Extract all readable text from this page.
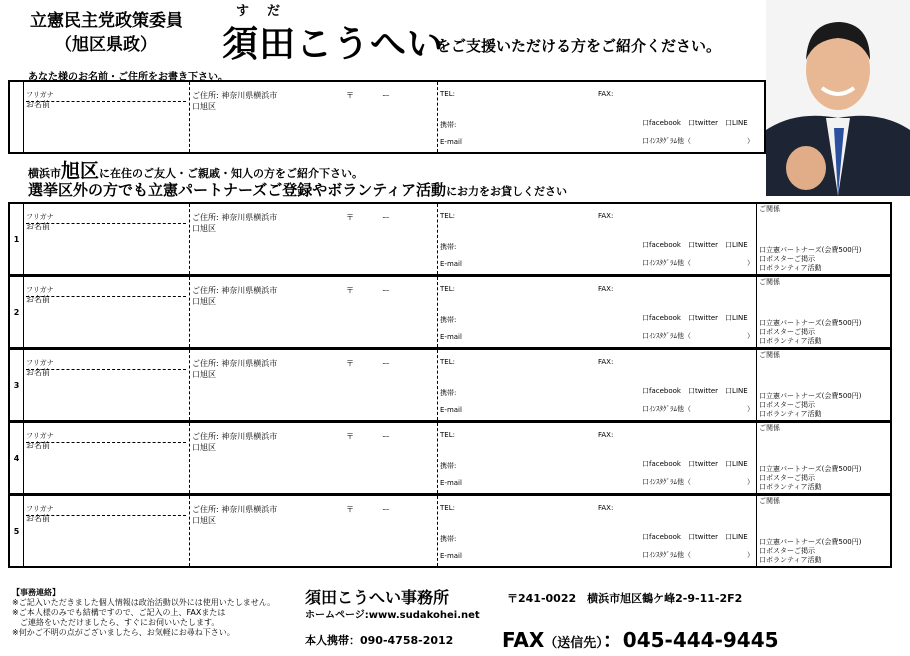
立憲民主党政策委員
（旭区県政）
すだ
須田こうへい
をご支援いただける方をご紹介ください。
あなた様のお名前・ご住所をお書き下さい。
フリガナ
お名前
ご住所: 神奈川県横浜市	〒	ー
口旭区
TEL:	FAX:
携帯:
E-mail
口facebook　口twitter　口LINE
口ｲﾝｽﾀｸﾞﾗﾑ他（　　　　　　　　）
横浜市旭区に在住のご友人・ご親戚・知人の方をご紹介下さい。
選挙区外の方でも立憲パートナーズご登録やボランティア活動にお力をお貸しください
1
フリガナ
お名前
ご住所: 神奈川県横浜市	〒	ー
口旭区
TEL:	FAX:
携帯:
E-mail
口facebook　口twitter　口LINE
口ｲﾝｽﾀｸﾞﾗﾑ他（　　　　　　　　）
ご関係
口立憲パートナーズ(会費500円)
口ポスターご掲示
口ボランティア活動
2
フリガナ
お名前
ご住所: 神奈川県横浜市	〒	ー
口旭区
TEL:	FAX:
携帯:
E-mail
口facebook　口twitter　口LINE
口ｲﾝｽﾀｸﾞﾗﾑ他（　　　　　　　　）
ご関係
口立憲パートナーズ(会費500円)
口ポスターご掲示
口ボランティア活動
3
フリガナ
お名前
ご住所: 神奈川県横浜市	〒	ー
口旭区
TEL:	FAX:
携帯:
E-mail
口facebook　口twitter　口LINE
口ｲﾝｽﾀｸﾞﾗﾑ他（　　　　　　　　）
ご関係
口立憲パートナーズ(会費500円)
口ポスターご掲示
口ボランティア活動
4
フリガナ
お名前
ご住所: 神奈川県横浜市	〒	ー
口旭区
TEL:	FAX:
携帯:
E-mail
口facebook　口twitter　口LINE
口ｲﾝｽﾀｸﾞﾗﾑ他（　　　　　　　　）
ご関係
口立憲パートナーズ(会費500円)
口ポスターご掲示
口ボランティア活動
5
フリガナ
お名前
ご住所: 神奈川県横浜市	〒	ー
口旭区
TEL:	FAX:
携帯:
E-mail
口facebook　口twitter　口LINE
口ｲﾝｽﾀｸﾞﾗﾑ他（　　　　　　　　）
ご関係
口立憲パートナーズ(会費500円)
口ポスターご掲示
口ボランティア活動
【事務連絡】
※ご記入いただきました個人情報は政治活動以外には使用いたしません。
※ご本人様のみでも結構ですので、ご記入の上、FAXまたは
　ご連絡をいただけましたら、すぐにお伺いいたします。
※何かご不明の点がございましたら、お気軽にお尋ね下さい。
須田こうへい事務所	〒241-0022　横浜市旭区鶴ケ峰2-9-11-2F2
ホームページ:www.sudakohei.net
本人携帯：090-4758-2012 FAX（送信先）：045-444-9445
